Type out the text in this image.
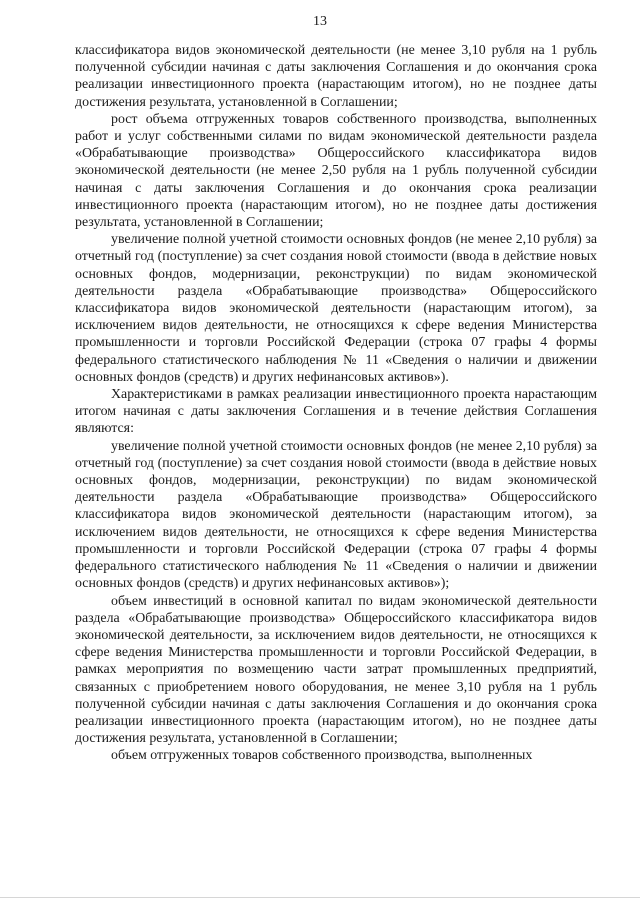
13

классификатора видов экономической деятельности (не менее 3,10 рубля на 1 рубль полученной субсидии начиная с даты заключения Соглашения и до окончания срока реализации инвестиционного проекта (нарастающим итогом), но не позднее даты достижения результата, установленной в Соглашении;

рост объема отгруженных товаров собственного производства, выполненных работ и услуг собственными силами по видам экономической деятельности раздела «Обрабатывающие производства» Общероссийского классификатора видов экономической деятельности (не менее 2,50 рубля на 1 рубль полученной субсидии начиная с даты заключения Соглашения и до окончания срока реализации инвестиционного проекта (нарастающим итогом), но не позднее даты достижения результата, установленной в Соглашении;

увеличение полной учетной стоимости основных фондов (не менее 2,10 рубля) за отчетный год (поступление) за счет создания новой стоимости (ввода в действие новых основных фондов, модернизации, реконструкции) по видам экономической деятельности раздела «Обрабатывающие производства» Общероссийского классификатора видов экономической деятельности (нарастающим итогом), за исключением видов деятельности, не относящихся к сфере ведения Министерства промышленности и торговли Российской Федерации (строка 07 графы 4 формы федерального статистического наблюдения № 11 «Сведения о наличии и движении основных фондов (средств) и других нефинансовых активов»).

Характеристиками в рамках реализации инвестиционного проекта нарастающим итогом начиная с даты заключения Соглашения и в течение действия Соглашения являются:

увеличение полной учетной стоимости основных фондов (не менее 2,10 рубля) за отчетный год (поступление) за счет создания новой стоимости (ввода в действие новых основных фондов, модернизации, реконструкции) по видам экономической деятельности раздела «Обрабатывающие производства» Общероссийского классификатора видов экономической деятельности (нарастающим итогом), за исключением видов деятельности, не относящихся к сфере ведения Министерства промышленности и торговли Российской Федерации (строка 07 графы 4 формы федерального статистического наблюдения № 11 «Сведения о наличии и движении основных фондов (средств) и других нефинансовых активов»);

объем инвестиций в основной капитал по видам экономической деятельности раздела «Обрабатывающие производства» Общероссийского классификатора видов экономической деятельности, за исключением видов деятельности, не относящихся к сфере ведения Министерства промышленности и торговли Российской Федерации, в рамках мероприятия по возмещению части затрат промышленных предприятий, связанных с приобретением нового оборудования, не менее 3,10 рубля на 1 рубль полученной субсидии начиная с даты заключения Соглашения и до окончания срока реализации инвестиционного проекта (нарастающим итогом), но не позднее даты достижения результата, установленной в Соглашении;

объем отгруженных товаров собственного производства, выполненных
